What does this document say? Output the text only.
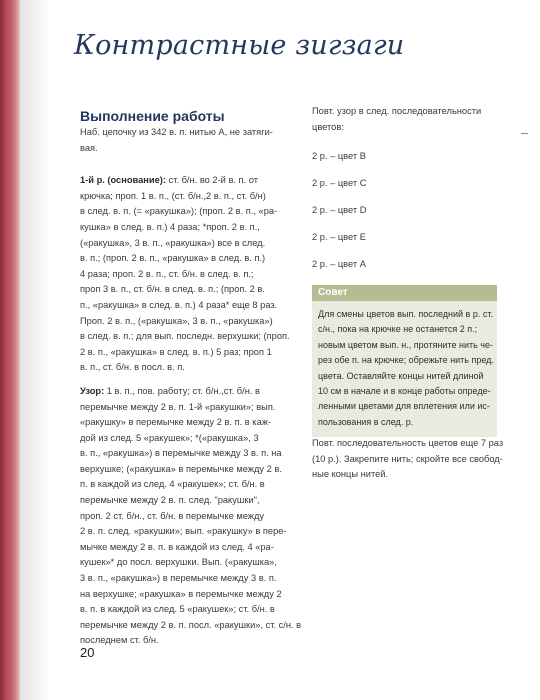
Контрастные зигзаги
Выполнение работы
Наб. цепочку из 342 в. п. нитью А, не затяги-
вая.
1-й р. (основание): ст. б/н. во 2-й в. п. от
крючка; проп. 1 в. п., (ст. б/н.,2 в. п., ст. б/н)
в след. в. п. (= «ракушка»); (проп. 2 в. п., «ра-
кушка» в след. в. п.) 4 раза; *проп. 2 в. п.,
(«ракушка», 3 в. п., «ракушка») все в след.
в. п.; (проп. 2 в. п., «ракушка» в след. в. п.)
4 раза; проп. 2 в. п., ст. б/н. в след. в. п.;
проп 3 в. п., ст. б/н. в след. в. п.; (проп. 2 в.
п., «ракушка» в след. в. п.) 4 раза* еще 8 раз.
Проп. 2 в. п., («ракушка», 3 в. п., «ракушка»)
в след. в. п.; для вып. последн. верхушки; (проп.
2 в. п., «ракушка» в след. в. п.) 5 раз; проп 1
в. п., ст. б/н. в посл. в. п.
Узор: 1 в. п., пов. работу; ст. б/н.,ст. б/н. в
перемычке между 2 в. п. 1-й «ракушки»; вып.
«ракушку» в перемычке между 2 в. п. в каж-
дой из след. 5 «ракушек»; *(«ракушка», 3
в. п., «ракушка») в перемычке между 3 в. п. на
верхушке; («ракушка» в перемычке между 2 в.
п. в каждой из след. 4 «ракушек»; ст. б/н. в
перемычке между 2 в. п. след. "ракушки",
проп. 2 ст. б/н., ст. б/н. в перемычке между
2 в. п. след. «ракушки»; вып. «ракушку» в пере-
мычке между 2 в. п. в каждой из след. 4 «ра-
кушек»* до посл. верхушки. Вып. («ракушка»,
3 в. п., «ракушка») в перемычке между 3 в. п.
на верхушке; «ракушка» в перемычке между 2
в. п. в каждой из след. 5 «ракушек»; ст. б/н. в
перемычке между 2 в. п. посл. «ракушки», ст. с/н. в
последнем ст. б/н.
Повт. узор в след. последовательности
цветов:
2 р. – цвет B
2 р. – цвет C
2 р. – цвет D
2 р. – цвет E
2 р. – цвет A
Совет
Для смены цветов вып. последний в р. ст.
с/н., пока на крючке не останется 2 п.;
новым цветом вып. н., протяните нить че-
рез обе п. на крючке; обрежьте нить пред.
цвета. Оставляйте концы нитей длиной
10 см в начале и в конце работы опреде-
ленными цветами для вплетения или ис-
пользования в след. р.
Повт. последовательность цветов еще 7 раз
(10 р.). Закрепите нить; скройте все свобод-
ные концы нитей.
20
